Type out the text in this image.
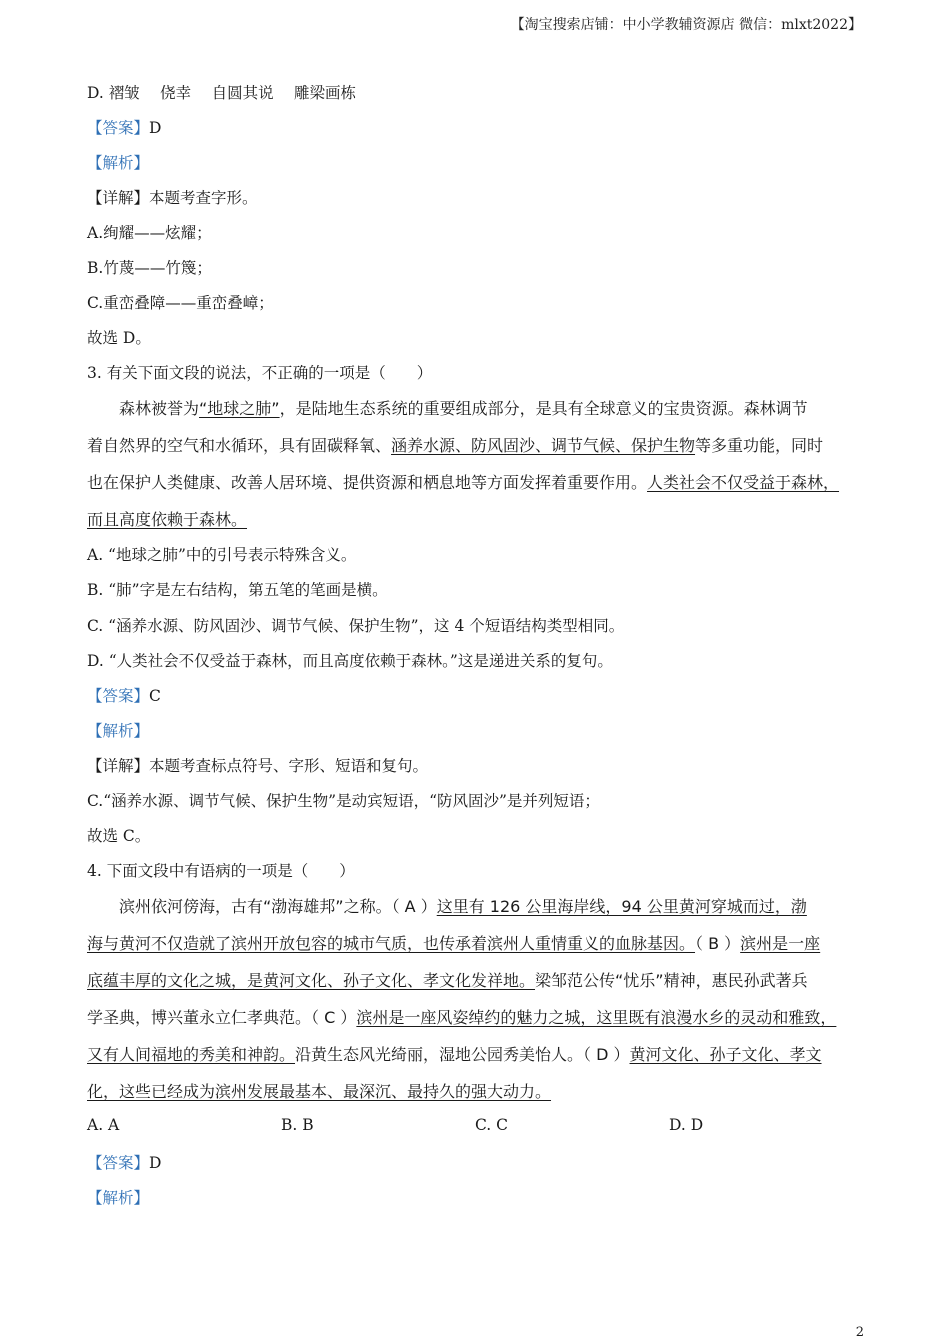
【淘宝搜索店铺：中小学教辅资源店 微信：mlxt2022】
D. 褶皱　 侥幸　 自圆其说　 雕梁画栋
【答案】D
【解析】
【详解】本题考查字形。
A.绚耀——炫耀；
B.竹蔑——竹篾；
C.重峦叠障——重峦叠嶂；
故选 D。
3. 有关下面文段的说法，不正确的一项是（　　）
　　森林被誉为“地球之肺”，是陆地生态系统的重要组成部分，是具有全球意义的宝贵资源。森林调节
着自然界的空气和水循环，具有固碳释氧、涵养水源、防风固沙、调节气候、保护生物等多重功能，同时
也在保护人类健康、改善人居环境、提供资源和栖息地等方面发挥着重要作用。人类社会不仅受益于森林，
而且高度依赖于森林。
A. “地球之肺”中的引号表示特殊含义。
B. “肺”字是左右结构，第五笔的笔画是横。
C. “涵养水源、防风固沙、调节气候、保护生物”，这 4 个短语结构类型相同。
D. “人类社会不仅受益于森林，而且高度依赖于森林。”这是递进关系的复句。
【答案】C
【解析】
【详解】本题考查标点符号、字形、短语和复句。
C.“涵养水源、调节气候、保护生物”是动宾短语，“防风固沙”是并列短语；
故选 C。
4. 下面文段中有语病的一项是（　　）
　　滨州依河傍海，古有“渤海雄邦”之称。（ A ）这里有 126 公里海岸线，94 公里黄河穿城而过，渤
海与黄河不仅造就了滨州开放包容的城市气质，也传承着滨州人重情重义的血脉基因。（ B ）滨州是一座
底蕴丰厚的文化之城，是黄河文化、孙子文化、孝文化发祥地。梁邹范公传“忧乐”精神，惠民孙武著兵
学圣典，博兴董永立仁孝典范。（ C ）滨州是一座风姿绰约的魅力之城，这里既有浪漫水乡的灵动和雅致，
又有人间福地的秀美和神韵。沿黄生态风光绮丽，湿地公园秀美怡人。（ D ）黄河文化、孙子文化、孝文
化，这些已经成为滨州发展最基本、最深沉、最持久的强大动力。
A. A	B. B	C. C	D. D
【答案】D
【解析】
2
